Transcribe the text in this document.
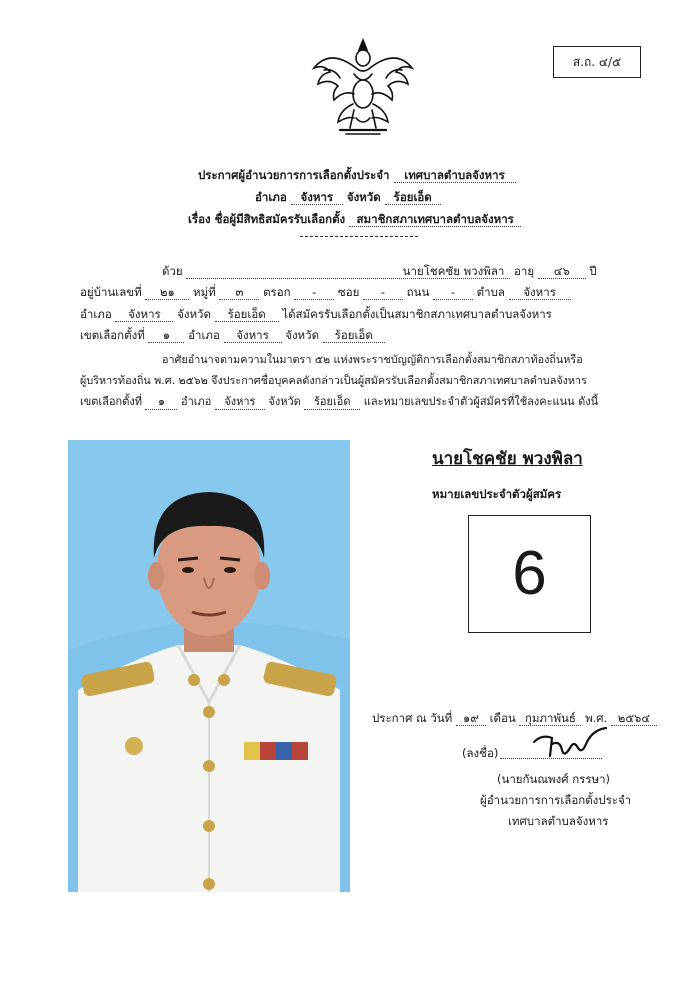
ส.ถ. ๔/๕
ประกาศผู้อำนวยการการเลือกตั้งประจำ เทศบาลตำบลจังหาร
อำเภอ จังหาร จังหวัด ร้อยเอ็ด
เรื่อง ชื่อผู้มีสิทธิสมัครรับเลือกตั้ง สมาชิกสภาเทศบาลตำบลจังหาร
ด้วย	นายโชคชัย พวงพิลา อายุ ๔๖ ปี
อยู่บ้านเลขที่ ๒๑ หมู่ที่ ๓ ตรอก - ซอย - ถนน - ตำบล จังหาร
อำเภอ จังหาร จังหวัด ร้อยเอ็ด ได้สมัครรับเลือกตั้งเป็นสมาชิกสภาเทศบาลตำบลจังหาร
เขตเลือกตั้งที่ ๑ อำเภอ จังหาร จังหวัด ร้อยเอ็ด
อาศัยอำนาจตามความในมาตรา ๕๒ แห่งพระราชบัญญัติการเลือกตั้งสมาชิกสภาท้องถิ่นหรือ
ผู้บริหารท้องถิ่น พ.ศ. ๒๕๖๒ จึงประกาศชื่อบุคคลดังกล่าวเป็นผู้สมัครรับเลือกตั้งสมาชิกสภาเทศบาลตำบลจังหาร
เขตเลือกตั้งที่ ๑ อำเภอ จังหาร จังหวัด ร้อยเอ็ด และหมายเลขประจำตัวผู้สมัครที่ใช้ลงคะแนน ดังนี้
นายโชคชัย พวงพิลา
หมายเลขประจำตัวผู้สมัคร
6
ประกาศ ณ วันที่ ๑๙ เดือน กุมภาพันธ์ พ.ศ. ๒๕๖๔
(ลงชื่อ)
(นายกันณพงศ์ กรรษา)
ผู้อำนวยการการเลือกตั้งประจำ
เทศบาลตำบลจังหาร
